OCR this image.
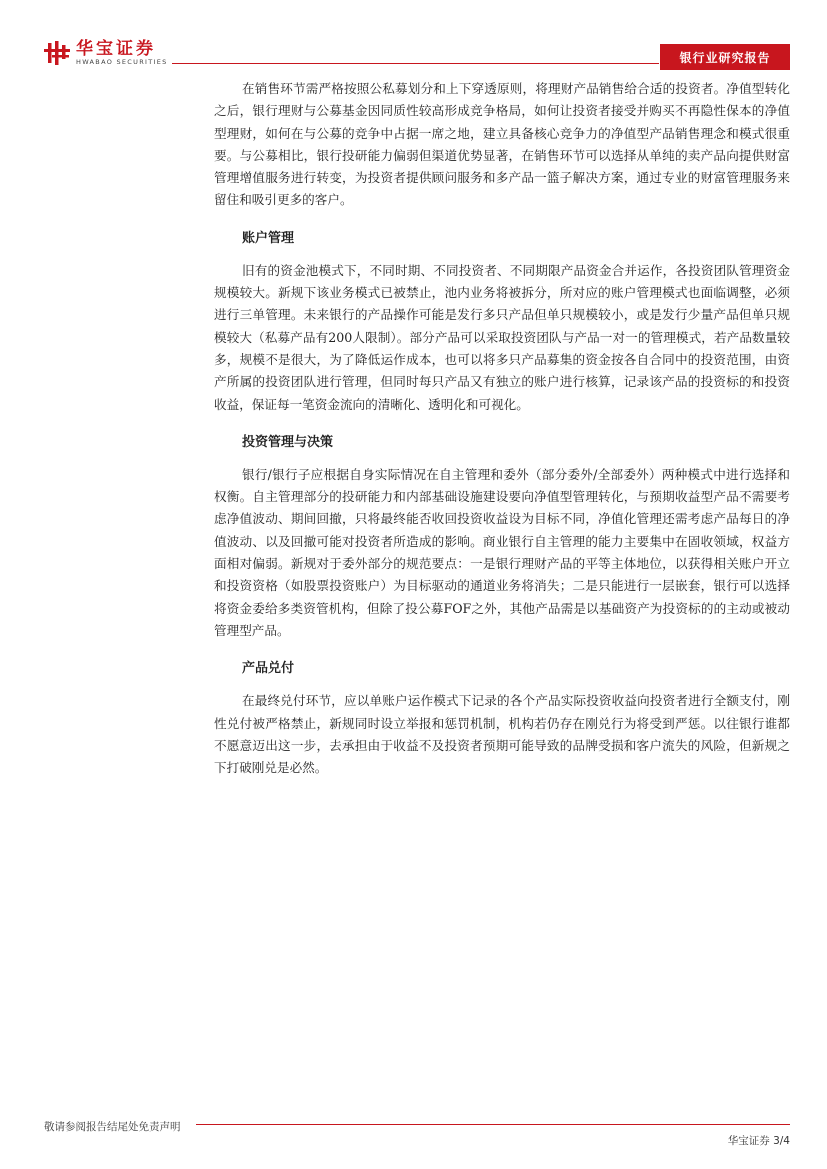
华宝证券
HWABAO SECURITIES	银行业研究报告

在销售环节需严格按照公私募划分和上下穿透原则，将理财产品销售给合适的投资者。净值型转化之后，银行理财与公募基金因同质性较高形成竞争格局，如何让投资者接受并购买不再隐性保本的净值型理财，如何在与公募的竞争中占据一席之地，建立具备核心竞争力的净值型产品销售理念和模式很重要。与公募相比，银行投研能力偏弱但渠道优势显著，在销售环节可以选择从单纯的卖产品向提供财富管理增值服务进行转变，为投资者提供顾问服务和多产品一篮子解决方案，通过专业的财富管理服务来留住和吸引更多的客户。

账户管理

旧有的资金池模式下，不同时期、不同投资者、不同期限产品资金合并运作，各投资团队管理资金规模较大。新规下该业务模式已被禁止，池内业务将被拆分，所对应的账户管理模式也面临调整，必须进行三单管理。未来银行的产品操作可能是发行多只产品但单只规模较小，或是发行少量产品但单只规模较大（私募产品有200人限制）。部分产品可以采取投资团队与产品一对一的管理模式，若产品数量较多，规模不是很大，为了降低运作成本，也可以将多只产品募集的资金按各自合同中的投资范围，由资产所属的投资团队进行管理，但同时每只产品又有独立的账户进行核算，记录该产品的投资标的和投资收益，保证每一笔资金流向的清晰化、透明化和可视化。

投资管理与决策

银行/银行子应根据自身实际情况在自主管理和委外（部分委外/全部委外）两种模式中进行选择和权衡。自主管理部分的投研能力和内部基础设施建设要向净值型管理转化，与预期收益型产品不需要考虑净值波动、期间回撤，只将最终能否收回投资收益设为目标不同，净值化管理还需考虑产品每日的净值波动、以及回撤可能对投资者所造成的影响。商业银行自主管理的能力主要集中在固收领域，权益方面相对偏弱。新规对于委外部分的规范要点：一是银行理财产品的平等主体地位，以获得相关账户开立和投资资格（如股票投资账户）为目标驱动的通道业务将消失；二是只能进行一层嵌套，银行可以选择将资金委给多类资管机构，但除了投公募FOF之外，其他产品需是以基础资产为投资标的的主动或被动管理型产品。

产品兑付

在最终兑付环节，应以单账户运作模式下记录的各个产品实际投资收益向投资者进行全额支付，刚性兑付被严格禁止，新规同时设立举报和惩罚机制，机构若仍存在刚兑行为将受到严惩。以往银行谁都不愿意迈出这一步，去承担由于收益不及投资者预期可能导致的品牌受损和客户流失的风险，但新规之下打破刚兑是必然。

敬请参阅报告结尾处免责声明
华宝证券 3/4
